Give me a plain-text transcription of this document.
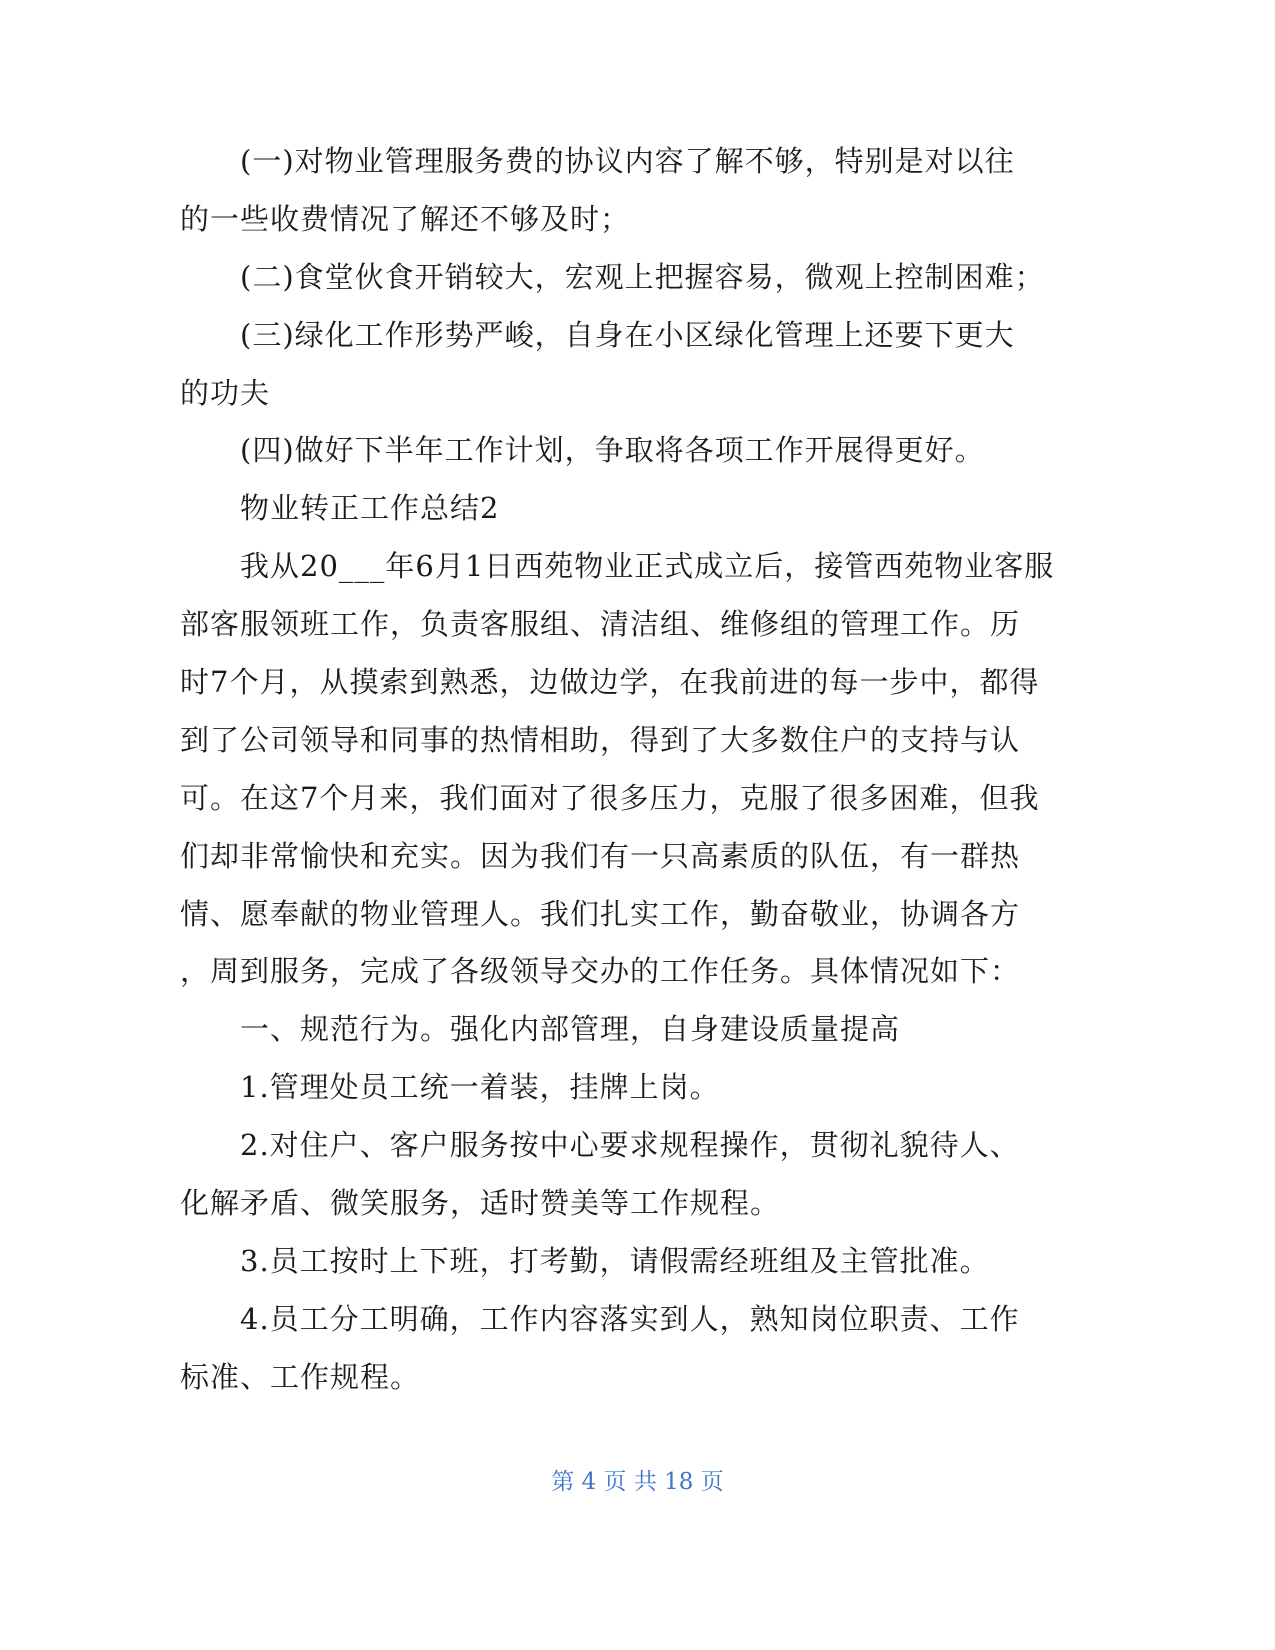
(一)对物业管理服务费的协议内容了解不够，特别是对以往
的一些收费情况了解还不够及时；
(二)食堂伙食开销较大，宏观上把握容易，微观上控制困难；
(三)绿化工作形势严峻，自身在小区绿化管理上还要下更大
的功夫
(四)做好下半年工作计划，争取将各项工作开展得更好。
物业转正工作总结2
我从20___年6月1日西苑物业正式成立后，接管西苑物业客服
部客服领班工作，负责客服组、清洁组、维修组的管理工作。历
时7个月，从摸索到熟悉，边做边学，在我前进的每一步中，都得
到了公司领导和同事的热情相助，得到了大多数住户的支持与认
可。在这7个月来，我们面对了很多压力，克服了很多困难，但我
们却非常愉快和充实。因为我们有一只高素质的队伍，有一群热
情、愿奉献的物业管理人。我们扎实工作，勤奋敬业，协调各方
，周到服务，完成了各级领导交办的工作任务。具体情况如下：
一、规范行为。强化内部管理，自身建设质量提高
1.管理处员工统一着装，挂牌上岗。
2.对住户、客户服务按中心要求规程操作，贯彻礼貌待人、
化解矛盾、微笑服务，适时赞美等工作规程。
3.员工按时上下班，打考勤，请假需经班组及主管批准。
4.员工分工明确，工作内容落实到人，熟知岗位职责、工作
标准、工作规程。
第 4 页 共 18 页
